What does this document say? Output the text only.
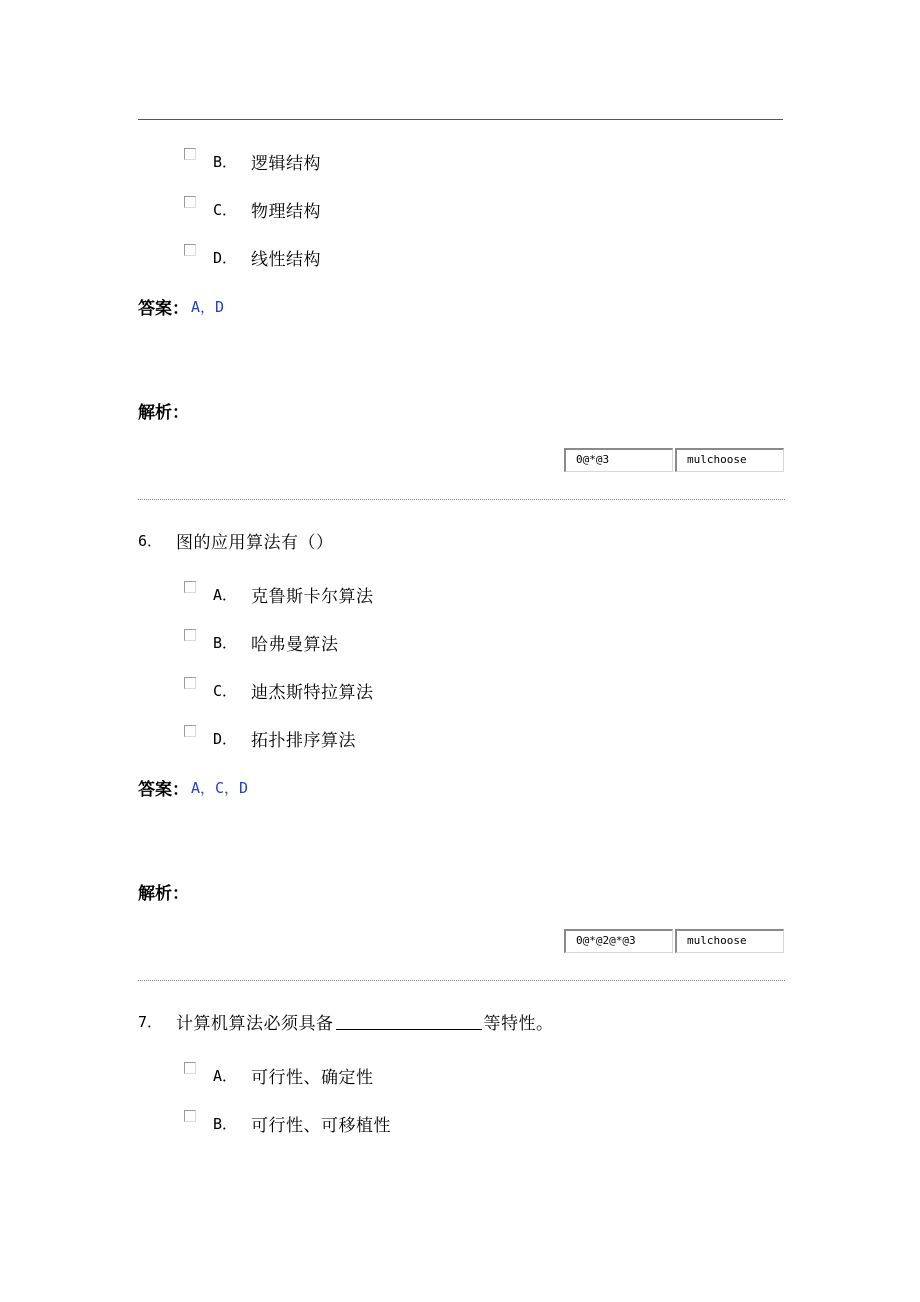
B． 逻辑结构
C． 物理结构
D． 线性结构
答案： A，D
解析：
0@*@3	mulchoose
6． 图的应用算法有（）
A． 克鲁斯卡尔算法
B． 哈弗曼算法
C． 迪杰斯特拉算法
D． 拓扑排序算法
答案： A，C，D
解析：
0@*@2@*@3	mulchoose
7． 计算机算法必须具备	等特性。
A． 可行性、确定性
B． 可行性、可移植性
